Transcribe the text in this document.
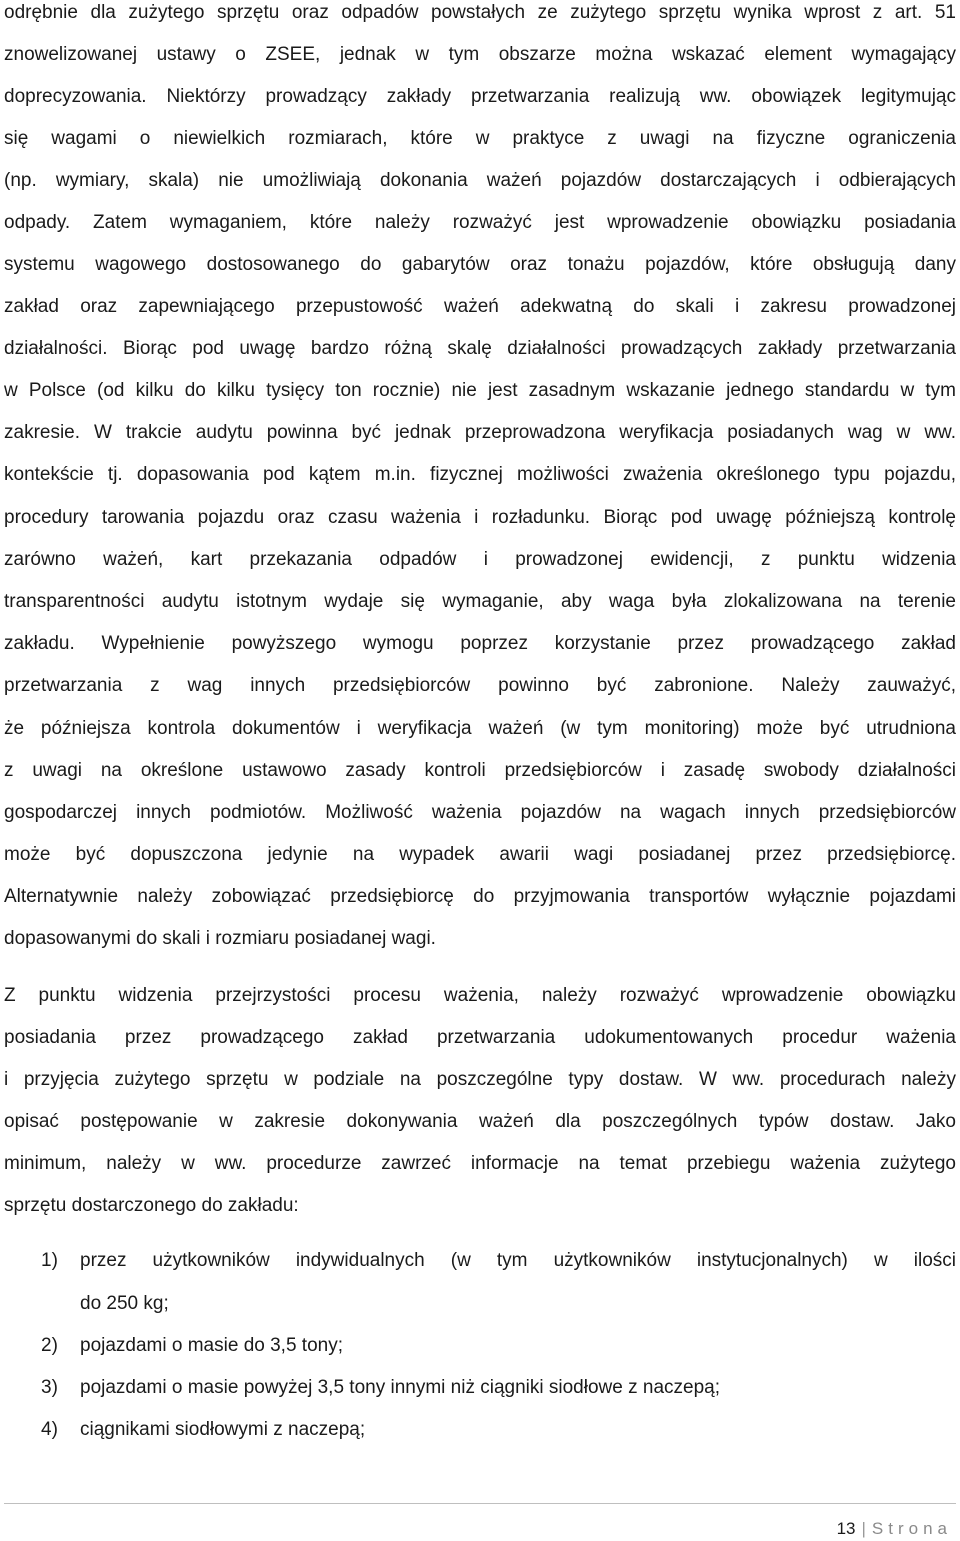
odrębnie dla zużytego sprzętu oraz odpadów powstałych ze zużytego sprzętu wynika wprost z art. 51
znowelizowanej ustawy o ZSEE, jednak w tym obszarze można wskazać element wymagający
doprecyzowania. Niektórzy prowadzący zakłady przetwarzania realizują ww. obowiązek legitymując
się wagami o niewielkich rozmiarach, które w praktyce z uwagi na fizyczne ograniczenia
(np. wymiary, skala) nie umożliwiają dokonania ważeń pojazdów dostarczających i odbierających
odpady. Zatem wymaganiem, które należy rozważyć jest wprowadzenie obowiązku posiadania
systemu wagowego dostosowanego do gabarytów oraz tonażu pojazdów, które obsługują dany
zakład oraz zapewniającego przepustowość ważeń adekwatną do skali i zakresu prowadzonej
działalności. Biorąc pod uwagę bardzo różną skalę działalności prowadzących zakłady przetwarzania
w Polsce (od kilku do kilku tysięcy ton rocznie) nie jest zasadnym wskazanie jednego standardu w tym
zakresie. W trakcie audytu powinna być jednak przeprowadzona weryfikacja posiadanych wag w ww.
kontekście tj. dopasowania pod kątem m.in. fizycznej możliwości zważenia określonego typu pojazdu,
procedury tarowania pojazdu oraz czasu ważenia i rozładunku. Biorąc pod uwagę późniejszą kontrolę
zarówno ważeń, kart przekazania odpadów i prowadzonej ewidencji, z punktu widzenia
transparentności audytu istotnym wydaje się wymaganie, aby waga była zlokalizowana na terenie
zakładu. Wypełnienie powyższego wymogu poprzez korzystanie przez prowadzącego zakład
przetwarzania z wag innych przedsiębiorców powinno być zabronione. Należy zauważyć,
że późniejsza kontrola dokumentów i weryfikacja ważeń (w tym monitoring) może być utrudniona
z uwagi na określone ustawowo zasady kontroli przedsiębiorców i zasadę swobody działalności
gospodarczej innych podmiotów. Możliwość ważenia pojazdów na wagach innych przedsiębiorców
może być dopuszczona jedynie na wypadek awarii wagi posiadanej przez przedsiębiorcę.
Alternatywnie należy zobowiązać przedsiębiorcę do przyjmowania transportów wyłącznie pojazdami
dopasowanymi do skali i rozmiaru posiadanej wagi.
Z punktu widzenia przejrzystości procesu ważenia, należy rozważyć wprowadzenie obowiązku
posiadania przez prowadzącego zakład przetwarzania udokumentowanych procedur ważenia
i przyjęcia zużytego sprzętu w podziale na poszczególne typy dostaw. W ww. procedurach należy
opisać postępowanie w zakresie dokonywania ważeń dla poszczególnych typów dostaw. Jako
minimum, należy w ww. procedurze zawrzeć informacje na temat przebiegu ważenia zużytego
sprzętu dostarczonego do zakładu:
1) przez użytkowników indywidualnych (w tym użytkowników instytucjonalnych) w ilości
do 250 kg;
2) pojazdami o masie do 3,5 tony;
3) pojazdami o masie powyżej 3,5 tony innymi niż ciągniki siodłowe z naczepą;
4) ciągnikami siodłowymi z naczepą;
13 | Strona
